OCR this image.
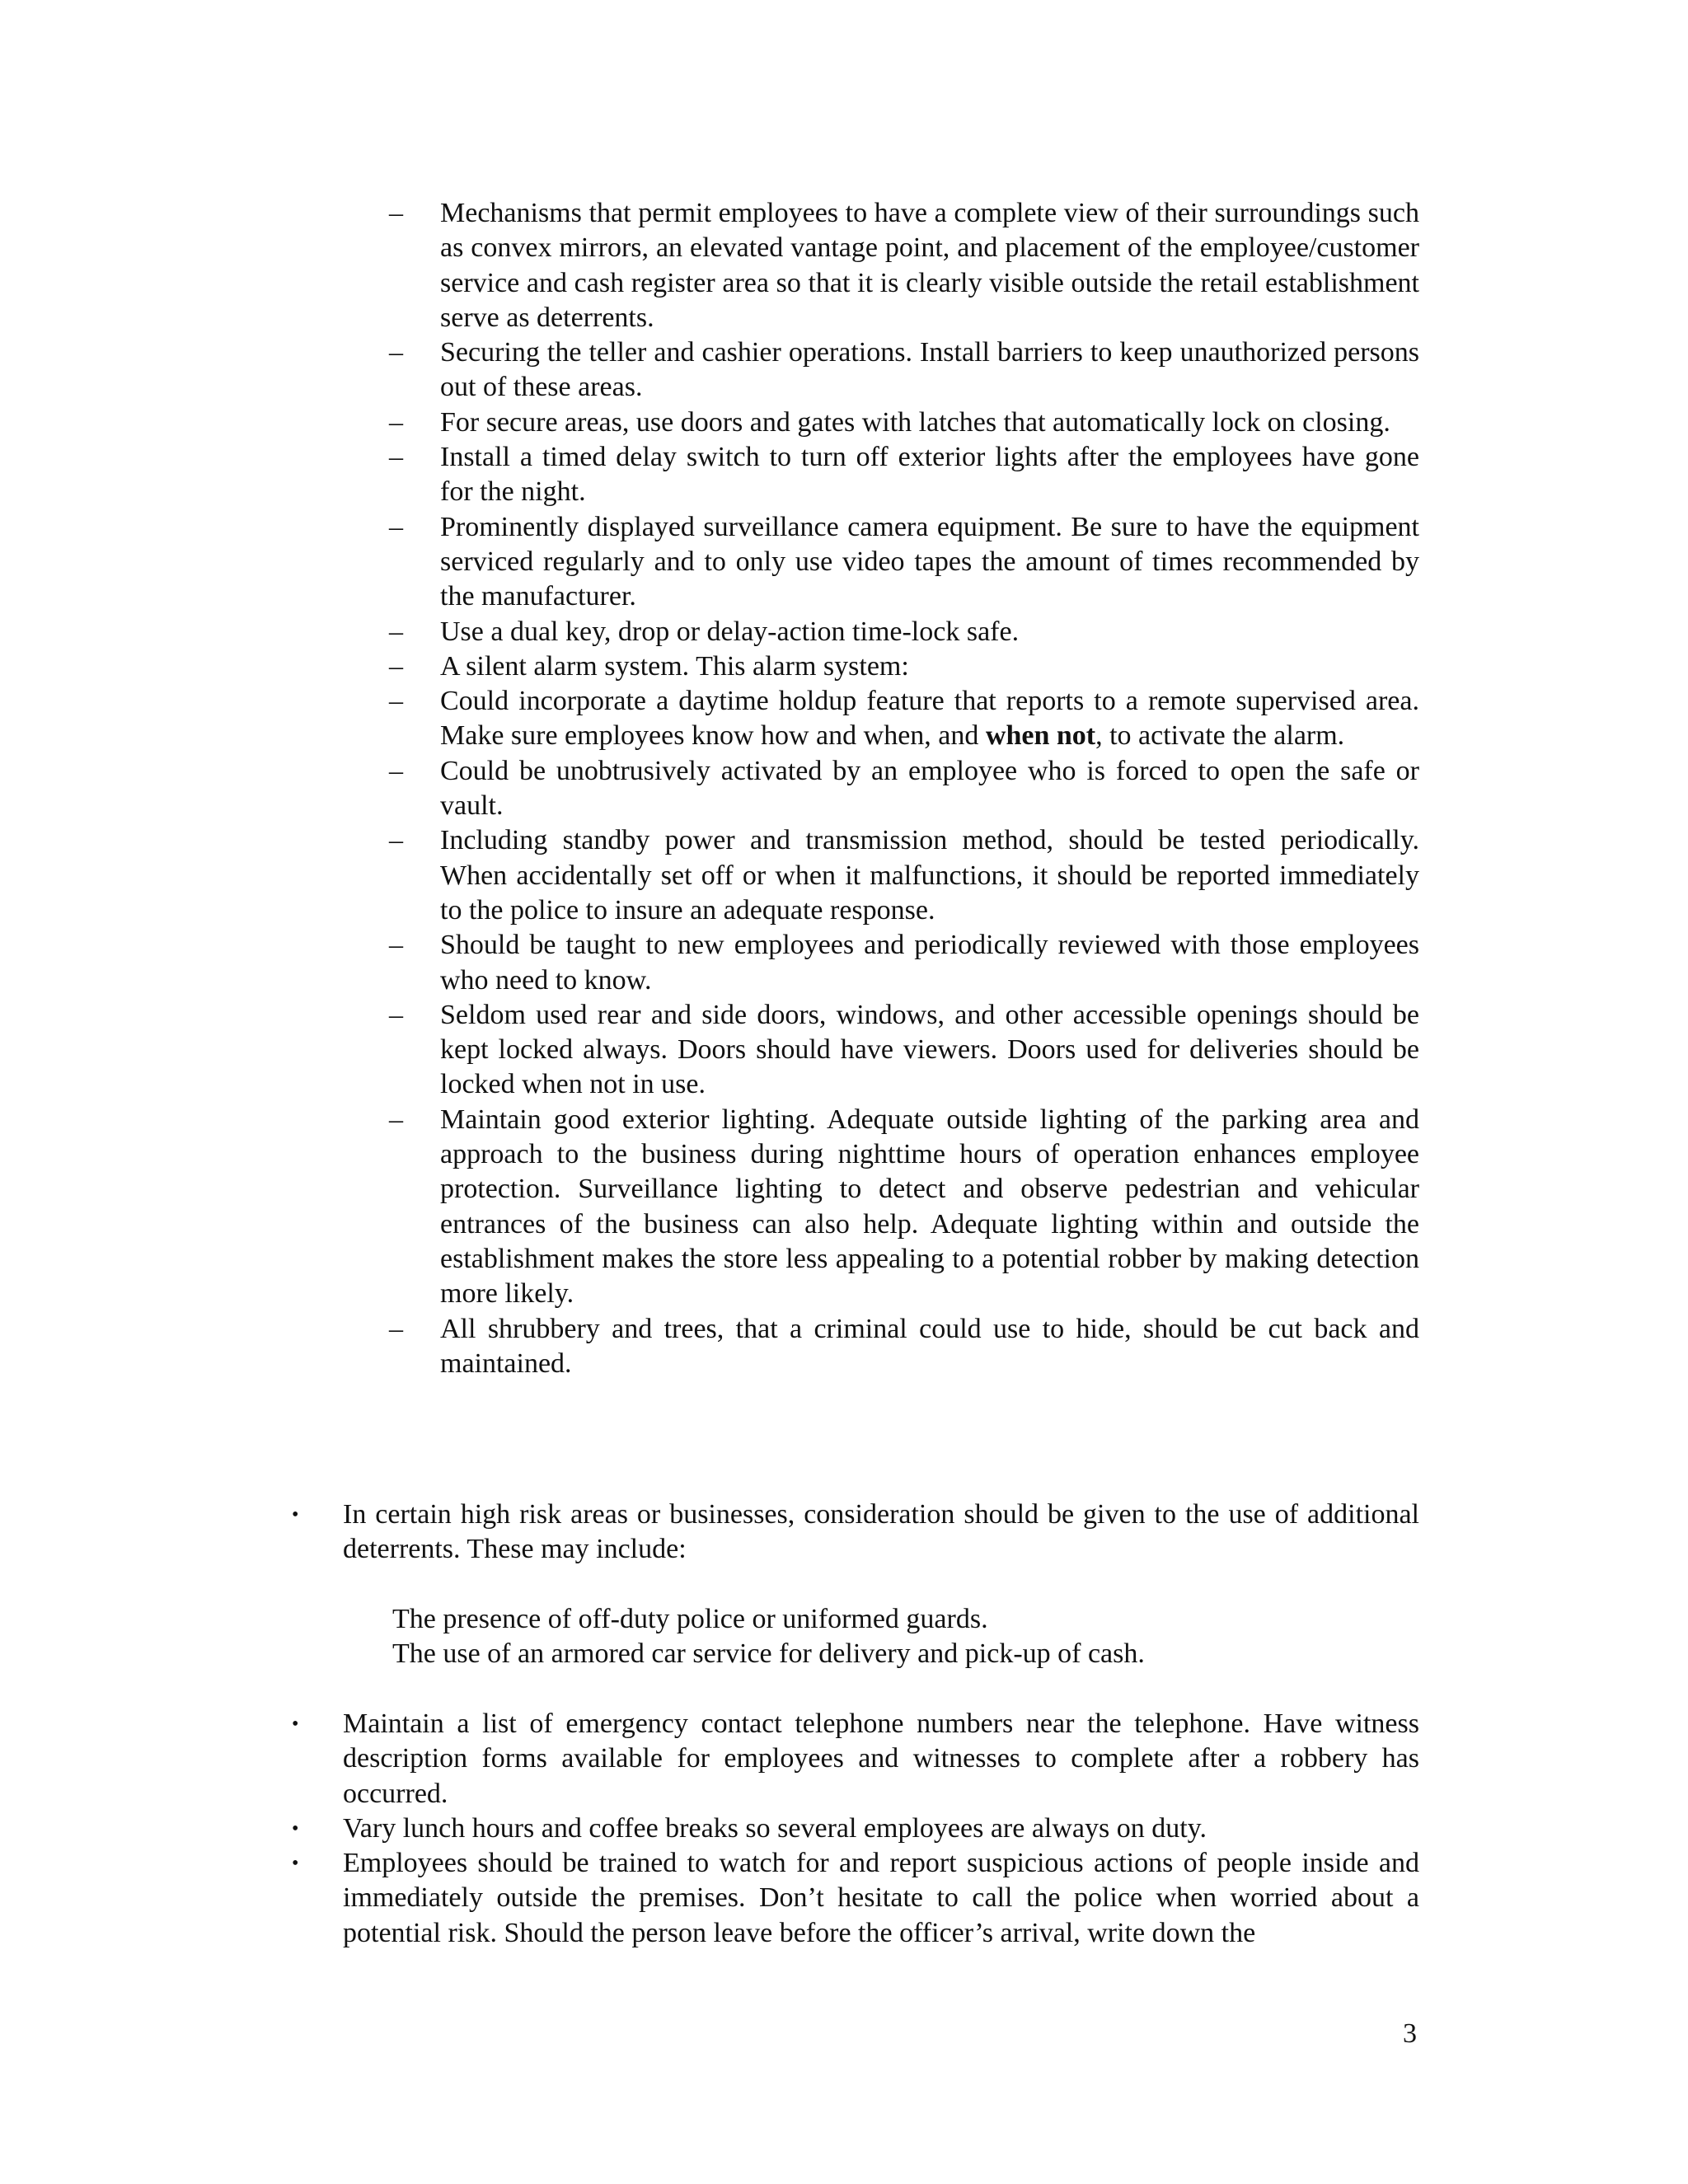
–	Mechanisms that permit employees to have a complete view of their surroundings such as convex mirrors, an elevated vantage point, and placement of the employee/customer service and cash register area so that it is clearly visible outside the retail establishment serve as deterrents.
–	Securing the teller and cashier operations. Install barriers to keep unauthorized persons out of these areas.
–	For secure areas, use doors and gates with latches that automatically lock on closing.
–	Install a timed delay switch to turn off exterior lights after the employees have gone for the night.
–	Prominently displayed surveillance camera equipment. Be sure to have the equipment serviced regularly and to only use video tapes the amount of times recommended by the manufacturer.
–	Use a dual key, drop or delay-action time-lock safe.
–	A silent alarm system. This alarm system:
–	Could incorporate a daytime holdup feature that reports to a remote supervised area. Make sure employees know how and when, and when not, to activate the alarm.
–	Could be unobtrusively activated by an employee who is forced to open the safe or vault.
–	Including standby power and transmission method, should be tested periodically. When accidentally set off or when it malfunctions, it should be reported immediately to the police to insure an adequate response.
–	Should be taught to new employees and periodically reviewed with those employees who need to know.
–	Seldom used rear and side doors, windows, and other accessible openings should be kept locked always. Doors should have viewers. Doors used for deliveries should be locked when not in use.
–	Maintain good exterior lighting. Adequate outside lighting of the parking area and approach to the business during nighttime hours of operation enhances employee protection. Surveillance lighting to detect and observe pedestrian and vehicular entrances of the business can also help. Adequate lighting within and outside the establishment makes the store less appealing to a potential robber by making detection more likely.
–	All shrubbery and trees, that a criminal could use to hide, should be cut back and maintained.
• In certain high risk areas or businesses, consideration should be given to the use of additional deterrents. These may include:
The presence of off-duty police or uniformed guards.
The use of an armored car service for delivery and pick-up of cash.
• Maintain a list of emergency contact telephone numbers near the telephone. Have witness description forms available for employees and witnesses to complete after a robbery has occurred.
• Vary lunch hours and coffee breaks so several employees are always on duty.
• Employees should be trained to watch for and report suspicious actions of people inside and immediately outside the premises. Don’t hesitate to call the police when worried about a potential risk. Should the person leave before the officer’s arrival, write down the
3
